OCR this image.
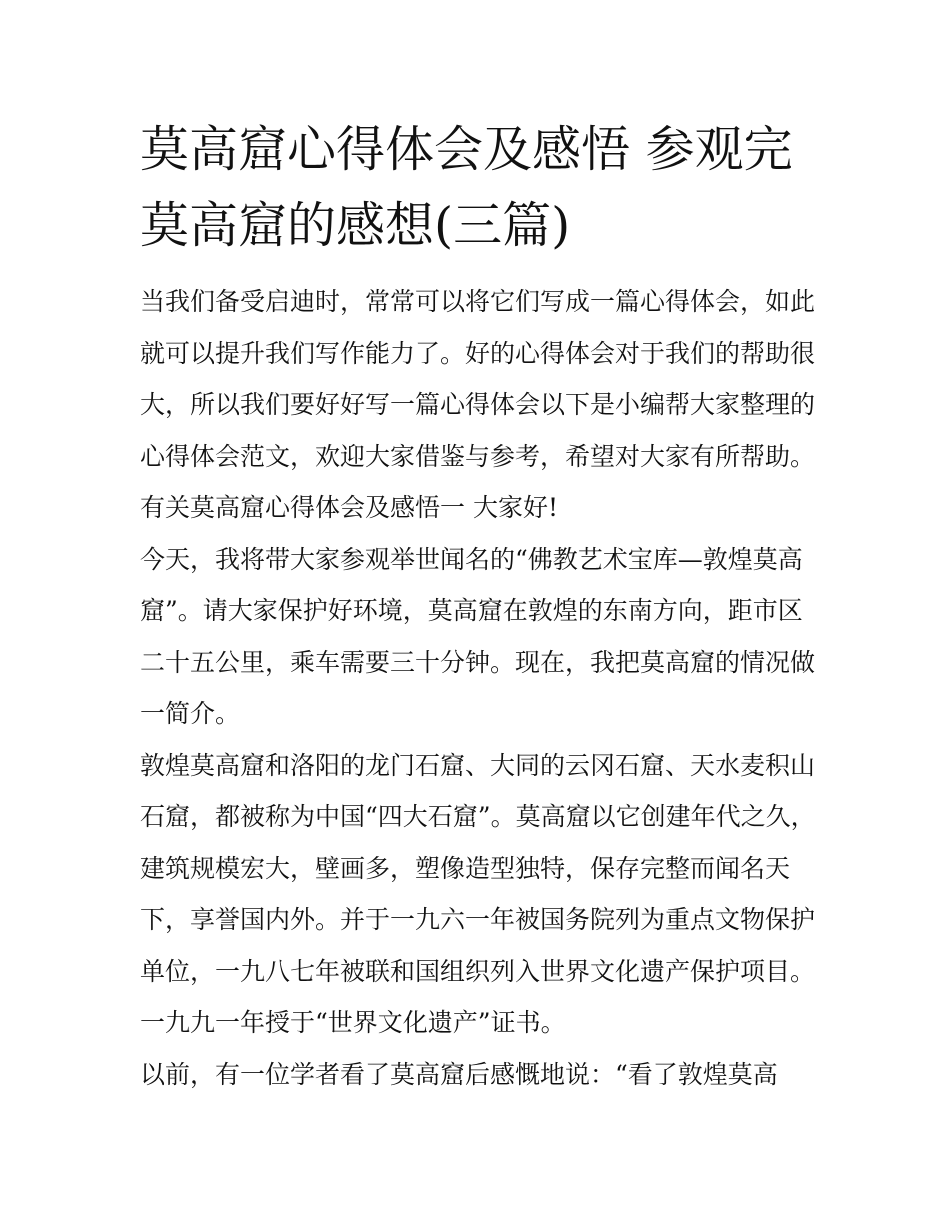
莫高窟心得体会及感悟 参观完
莫高窟的感想(三篇)
当我们备受启迪时，常常可以将它们写成一篇心得体会，如此
就可以提升我们写作能力了。好的心得体会对于我们的帮助很
大，所以我们要好好写一篇心得体会以下是小编帮大家整理的
心得体会范文，欢迎大家借鉴与参考，希望对大家有所帮助。
有关莫高窟心得体会及感悟一 大家好!
今天，我将带大家参观举世闻名的“佛教艺术宝库—敦煌莫高
窟”。请大家保护好环境，莫高窟在敦煌的东南方向，距市区
二十五公里，乘车需要三十分钟。现在，我把莫高窟的情况做
一简介。
敦煌莫高窟和洛阳的龙门石窟、大同的云冈石窟、天水麦积山
石窟，都被称为中国“四大石窟”。莫高窟以它创建年代之久，
建筑规模宏大，壁画多，塑像造型独特，保存完整而闻名天
下，享誉国内外。并于一九六一年被国务院列为重点文物保护
单位，一九八七年被联和国组织列入世界文化遗产保护项目。
一九九一年授于“世界文化遗产”证书。
以前，有一位学者看了莫高窟后感慨地说：“看了敦煌莫高
